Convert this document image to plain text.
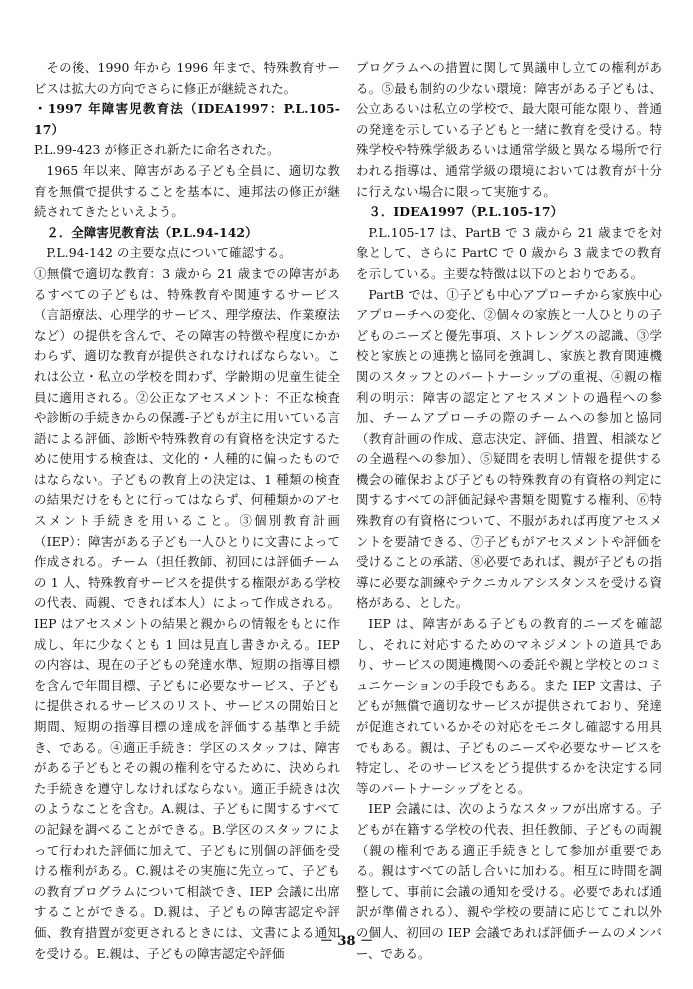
その後、1990 年から 1996 年まで、特殊教育サービスは拡大の方向でさらに修正が継続された。

・1997 年障害児教育法（IDEA1997：P.L.105-17）

P.L.99-423 が修正され新たに命名された。

1965 年以来、障害がある子ども全員に、適切な教育を無償で提供することを基本に、連邦法の修正が継続されてきたといえよう。

２．全障害児教育法（P.L.94-142）

P.L.94-142 の主要な点について確認する。

①無償で適切な教育：3 歳から 21 歳までの障害があるすべての子どもは、特殊教育や関連するサービス（言語療法、心理学的サービス、理学療法、作業療法など）の提供を含んで、その障害の特徴や程度にかかわらず、適切な教育が提供されなければならない。これは公立・私立の学校を問わず、学齢期の児童生徒全員に適用される。②公正なアセスメント：不正な検査や診断の手続きからの保護-子どもが主に用いている言語による評価、診断や特殊教育の有資格を決定するために使用する検査は、文化的・人種的に偏ったものではならない。子どもの教育上の決定は、1 種類の検査の結果だけをもとに行ってはならず、何種類かのアセスメント手続きを用いること。③個別教育計画（IEP）：障害がある子ども一人ひとりに文書によって作成される。チーム（担任教師、初回には評価チームの 1 人、特殊教育サービスを提供する権限がある学校の代表、両親、できれば本人）によって作成される。IEP はアセスメントの結果と親からの情報をもとに作成し、年に少なくとも 1 回は見直し書きかえる。IEP の内容は、現在の子どもの発達水準、短期の指導目標を含んで年間目標、子どもに必要なサービス、子どもに提供されるサービスのリスト、サービスの開始日と期間、短期の指導目標の達成を評価する基準と手続き、である。④適正手続き：学区のスタッフは、障害がある子どもとその親の権利を守るために、決められた手続きを遵守しなければならない。適正手続きは次のようなことを含む。A.親は、子どもに関するすべての記録を調べることができる。B.学区のスタッフによって行われた評価に加えて、子どもに別個の評価を受ける権利がある。C.親はその実施に先立って、子どもの教育プログラムについて相談でき、IEP 会議に出席することができる。D.親は、子どもの障害認定や評価、教育措置が変更されるときには、文書による通知を受ける。E.親は、子どもの障害認定や評価

プログラムへの措置に関して異議申し立ての権利がある。⑤最も制約の少ない環境：障害がある子どもは、公立あるいは私立の学校で、最大限可能な限り、普通の発達を示している子どもと一緒に教育を受ける。特殊学校や特殊学級あるいは通常学級と異なる場所で行われる指導は、通常学級の環境においては教育が十分に行えない場合に限って実施する。

３．IDEA1997（P.L.105-17）

P.L.105-17 は、PartB で 3 歳から 21 歳までを対象として、さらに PartC で 0 歳から 3 歳までの教育を示している。主要な特徴は以下のとおりである。

PartB では、①子ども中心アプローチから家族中心アプローチへの変化、②個々の家族と一人ひとりの子どものニーズと優先事項、ストレングスの認識、③学校と家族との連携と協同を強調し、家族と教育関連機関のスタッフとのパートナーシップの重視、④親の権利の明示：障害の認定とアセスメントの過程への参加、チームアプローチの際のチームへの参加と協同（教育計画の作成、意志決定、評価、措置、相談などの全過程への参加）、⑤疑問を表明し情報を提供する機会の確保および子どもの特殊教育の有資格の判定に関するすべての評価記録や書類を閲覧する権利、⑥特殊教育の有資格について、不服があれば再度アセスメントを要請できる、⑦子どもがアセスメントや評価を受けることの承諾、⑧必要であれば、親が子どもの指導に必要な訓練やテクニカルアシスタンスを受ける資格がある、とした。

IEP は、障害がある子どもの教育的ニーズを確認し、それに対応するためのマネジメントの道具であり、サービスの関連機関への委託や親と学校とのコミュニケーションの手段でもある。また IEP 文書は、子どもが無償で適切なサービスが提供されており、発達が促進されているかその対応をモニタし確認する用具でもある。親は、子どものニーズや必要なサービスを特定し、そのサービスをどう提供するかを決定する同等のパートナーシップをとる。

IEP 会議には、次のようなスタッフが出席する。子どもが在籍する学校の代表、担任教師、子どもの両親（親の権利である適正手続きとして参加が重要である。親はすべての話し合いに加わる。相互に時間を調整して、事前に会議の通知を受ける。必要であれば通訳が準備される）、親や学校の要請に応じてこれ以外の個人、初回の IEP 会議であれば評価チームのメンバー、である。

－ 38 －
